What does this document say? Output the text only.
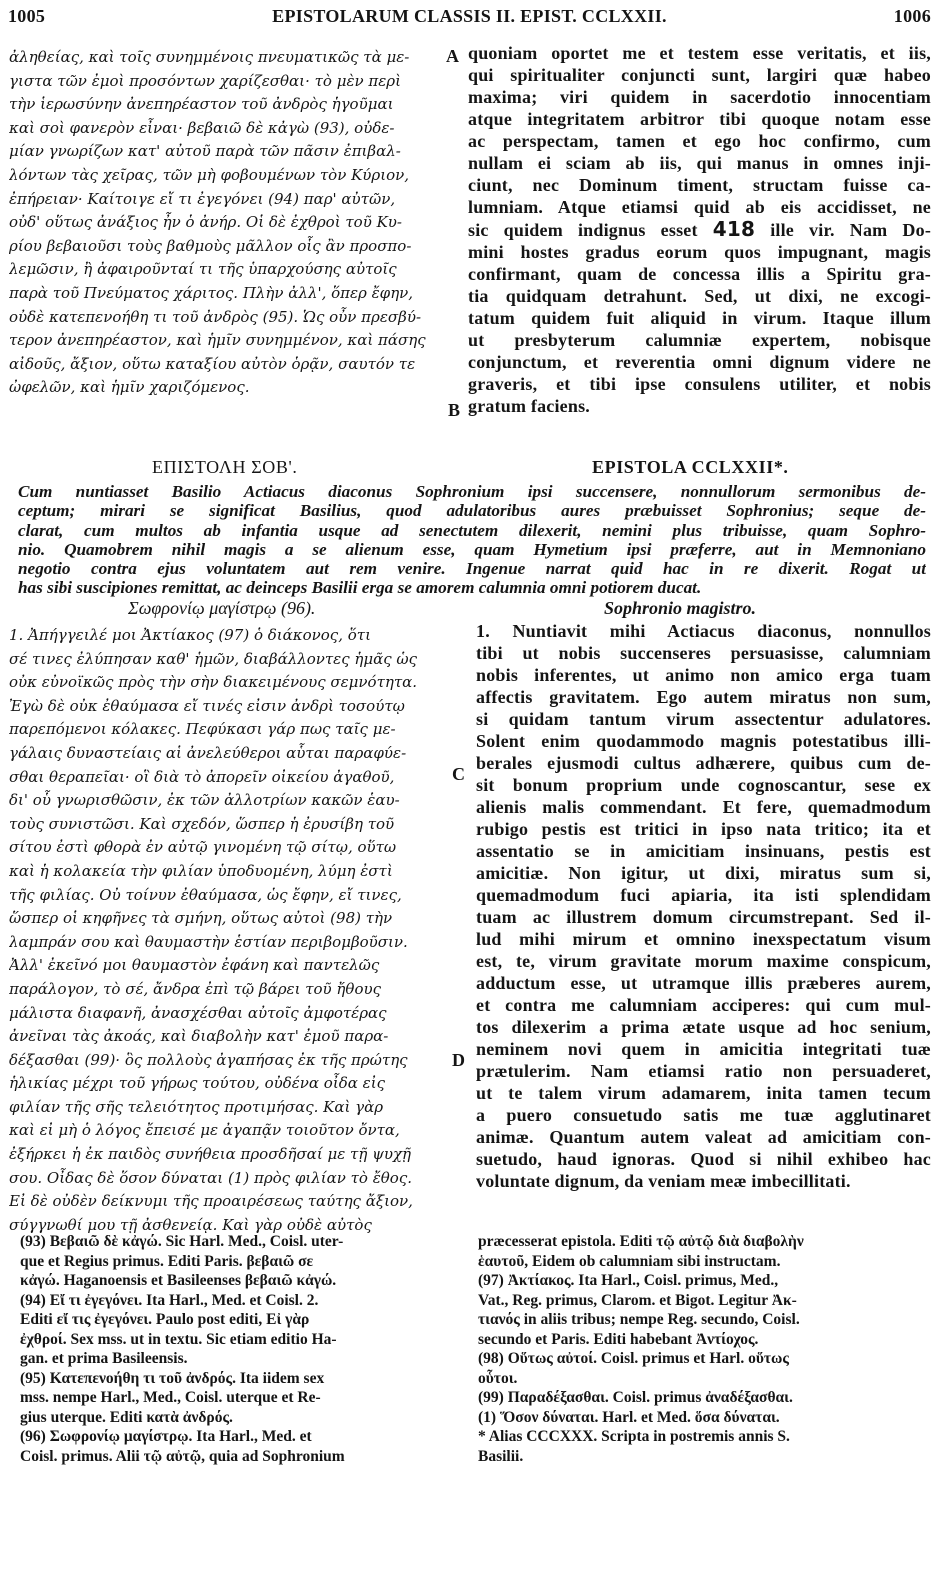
1005	EPISTOLARUM CLASSIS II. EPIST. CCLXXII.	1006
A
B
C
D
ἀληθείας, καὶ τοῖς συνημμένοις πνευματικῶς τὰ με-
γιστα τῶν ἐμοὶ προσόντων χαρίζεσθαι· τὸ μὲν περὶ
τὴν ἱερωσύνην ἀνεπηρέαστον τοῦ ἀνδρὸς ἡγοῦμαι
καὶ σοὶ φανερὸν εἶναι· βεβαιῶ δὲ κἀγὼ (93), οὐδε-
μίαν γνωρίζων κατ' αὐτοῦ παρὰ τῶν πᾶσιν ἐπιβαλ-
λόντων τὰς χεῖρας, τῶν μὴ φοβουμένων τὸν Κύριον,
ἐπήρειαν· Καίτοιγε εἴ τι ἐγεγόνει (94) παρ' αὐτῶν,
οὐδ' οὕτως ἀνάξιος ἦν ὁ ἀνήρ. Οἱ δὲ ἐχθροὶ τοῦ Κυ-
ρίου βεβαιοῦσι τοὺς βαθμοὺς μᾶλλον οἷς ἂν προσπο-
λεμῶσιν, ἢ ἀφαιροῦνταί τι τῆς ὑπαρχούσης αὐτοῖς
παρὰ τοῦ Πνεύματος χάριτος. Πλὴν ἀλλ', ὅπερ ἔφην,
οὐδὲ κατεπενοήθη τι τοῦ ἀνδρὸς (95). Ὡς οὖν πρεσβύ-
τερον ἀνεπηρέαστον, καὶ ἡμῖν συνημμένον, καὶ πάσης
αἰδοῦς, ἄξιον, οὕτω καταξίου αὐτὸν ὁρᾷν, σαυτόν τε
ὠφελῶν, καὶ ἡμῖν χαριζόμενος.
quoniam oportet me et testem esse veritatis, et iis,
qui spiritualiter conjuncti sunt, largiri quæ habeo
maxima; viri quidem in sacerdotio innocentiam
atque integritatem arbitror tibi quoque notam esse
ac perspectam, tamen et ego hoc confirmo, cum
nullam ei sciam ab iis, qui manus in omnes inji-
ciunt, nec Dominum timent, structam fuisse ca-
lumniam. Atque etiamsi quid ab eis accidisset, ne
sic quidem indignus esset 418 ille vir. Nam Do-
mini hostes gradus eorum quos impugnant, magis
confirmant, quam de concessa illis a Spiritu gra-
tia quidquam detrahunt. Sed, ut dixi, ne excogi-
tatum quidem fuit aliquid in virum. Itaque illum
ut presbyterum calumniæ expertem, nobisque
conjunctum, et reverentia omni dignum videre ne
graveris, et tibi ipse consulens utiliter, et nobis
gratum faciens.
ΕΠΙΣΤΟΛΗ ΣΟΒ'.	EPISTOLA CCLXXII*.
Cum nuntiasset Basilio Actiacus diaconus Sophronium ipsi succensere, nonnullorum sermonibus de-
ceptum; mirari se significat Basilius, quod adulatoribus aures præbuisset Sophronius; seque de-
clarat, cum multos ab infantia usque ad senectutem dilexerit, nemini plus tribuisse, quam Sophro-
nio. Quamobrem nihil magis a se alienum esse, quam Hymetium ipsi præferre, aut in Memnoniano
negotio contra ejus voluntatem aut rem venire. Ingenue narrat quid hac in re dixerit. Rogat ut
has sibi suscipiones remittat, ac deinceps Basilii erga se amorem calumnia omni potiorem ducat.
Σωφρονίῳ μαγίστρῳ (96).	Sophronio magistro.
1. Ἀπήγγειλέ μοι Ἀκτίακος (97) ὁ διάκονος, ὅτι
σέ τινες ἐλύπησαν καθ' ἡμῶν, διαβάλλοντες ἡμᾶς ὡς
οὐκ εὐνοϊκῶς πρὸς τὴν σὴν διακειμένους σεμνότητα.
Ἐγὼ δὲ οὐκ ἐθαύμασα εἴ τινές εἰσιν ἀνδρὶ τοσούτῳ
παρεπόμενοι κόλακες. Πεφύκασι γάρ πως ταῖς με-
γάλαις δυναστείαις αἱ ἀνελεύθεροι αὗται παραφύε-
σθαι θεραπεῖαι· οἳ διὰ τὸ ἀπορεῖν οἰκείου ἀγαθοῦ,
δι' οὗ γνωρισθῶσιν, ἐκ τῶν ἀλλοτρίων κακῶν ἑαυ-
τοὺς συνιστῶσι. Καὶ σχεδόν, ὥσπερ ἡ ἐρυσίβη τοῦ
σίτου ἐστὶ φθορὰ ἐν αὐτῷ γινομένη τῷ σίτῳ, οὕτω
καὶ ἡ κολακεία τὴν φιλίαν ὑποδυομένη, λύμη ἐστὶ
τῆς φιλίας. Οὐ τοίνυν ἐθαύμασα, ὡς ἔφην, εἴ τινες,
ὥσπερ οἱ κηφῆνες τὰ σμήνη, οὕτως αὐτοὶ (98) τὴν
λαμπράν σου καὶ θαυμαστὴν ἑστίαν περιβομβοῦσιν.
Ἀλλ' ἐκεῖνό μοι θαυμαστὸν ἐφάνη καὶ παντελῶς
παράλογον, τὸ σέ, ἄνδρα ἐπὶ τῷ βάρει τοῦ ἤθους
μάλιστα διαφανῆ, ἀνασχέσθαι αὐτοῖς ἀμφοτέρας
ἀνεῖναι τὰς ἀκοάς, καὶ διαβολὴν κατ' ἐμοῦ παρα-
δέξασθαι (99)· ὃς πολλοὺς ἀγαπήσας ἐκ τῆς πρώτης
ἡλικίας μέχρι τοῦ γήρως τούτου, οὐδένα οἶδα εἰς
φιλίαν τῆς σῆς τελειότητος προτιμήσας. Καὶ γὰρ
καὶ εἰ μὴ ὁ λόγος ἔπεισέ με ἀγαπᾷν τοιοῦτον ὄντα,
ἐξήρκει ἡ ἐκ παιδὸς συνήθεια προσδῆσαί με τῇ ψυχῇ
σου. Οἶδας δὲ ὅσον δύναται (1) πρὸς φιλίαν τὸ ἔθος.
Εἰ δὲ οὐδὲν δείκνυμι τῆς προαιρέσεως ταύτης ἄξιον,
σύγγνωθί μου τῇ ἀσθενείᾳ. Καὶ γὰρ οὐδὲ αὐτὸς
1. Nuntiavit mihi Actiacus diaconus, nonnullos
tibi ut nobis succenseres persuasisse, calumniam
nobis inferentes, ut animo non amico erga tuam
affectis gravitatem. Ego autem miratus non sum,
si quidam tantum virum assectentur adulatores.
Solent enim quodammodo magnis potestatibus illi-
berales ejusmodi cultus adhærere, quibus cum de-
sit bonum proprium unde cognoscantur, sese ex
alienis malis commendant. Et fere, quemadmodum
rubigo pestis est tritici in ipso nata tritico; ita et
assentatio se in amicitiam insinuans, pestis est
amicitiæ. Non igitur, ut dixi, miratus sum si,
quemadmodum fuci apiaria, ita isti splendidam
tuam ac illustrem domum circumstrepant. Sed il-
lud mihi mirum et omnino inexspectatum visum
est, te, virum gravitate morum maxime conspicum,
adductum esse, ut utramque illis præberes aurem,
et contra me calumniam acciperes: qui cum mul-
tos dilexerim a prima ætate usque ad hoc senium,
neminem novi quem in amicitia integritati tuæ
prætulerim. Nam etiamsi ratio non persuaderet,
ut te talem virum adamarem, inita tamen tecum
a puero consuetudo satis me tuæ agglutinaret
animæ. Quantum autem valeat ad amicitiam con-
suetudo, haud ignoras. Quod si nihil exhibeo hac
voluntate dignum, da veniam meæ imbecillitati.
(93) Βεβαιῶ δὲ κἀγώ. Sic Harl. Med., Coisl. uter-
que et Regius primus. Editi Paris. βεβαιῶ σε
κἀγώ. Haganoensis et Basileenses βεβαιῶ κἀγώ.
(94) Εἴ τι ἐγεγόνει. Ita Harl., Med. et Coisl. 2.
Editi εἴ τις ἐγεγόνει. Paulo post editi, Εἰ γὰρ
ἐχθροί. Sex mss. ut in textu. Sic etiam editio Ha-
gan. et prima Basileensis.
(95) Κατεπενοήθη τι τοῦ ἀνδρός. Ita iidem sex
mss. nempe Harl., Med., Coisl. uterque et Re-
gius uterque. Editi κατὰ ἀνδρός.
(96) Σωφρονίῳ μαγίστρῳ. Ita Harl., Med. et
Coisl. primus. Alii τῷ αὐτῷ, quia ad Sophronium
præcesserat epistola. Editi τῷ αὐτῷ διὰ διαβολὴν
ἑαυτοῦ, Eidem ob calumniam sibi instructam.
(97) Ἀκτίακος. Ita Harl., Coisl. primus, Med.,
Vat., Reg. primus, Clarom. et Bigot. Legitur Ἀκ-
τιανός in aliis tribus; nempe Reg. secundo, Coisl.
secundo et Paris. Editi habebant Ἀντίοχος.
(98) Οὕτως αὐτοί. Coisl. primus et Harl. οὕτως
οὗτοι.
(99) Παραδέξασθαι. Coisl. primus ἀναδέξασθαι.
(1) Ὅσον δύναται. Harl. et Med. ὅσα δύναται.
* Alias CCCXXX. Scripta in postremis annis S.
Basilii.
